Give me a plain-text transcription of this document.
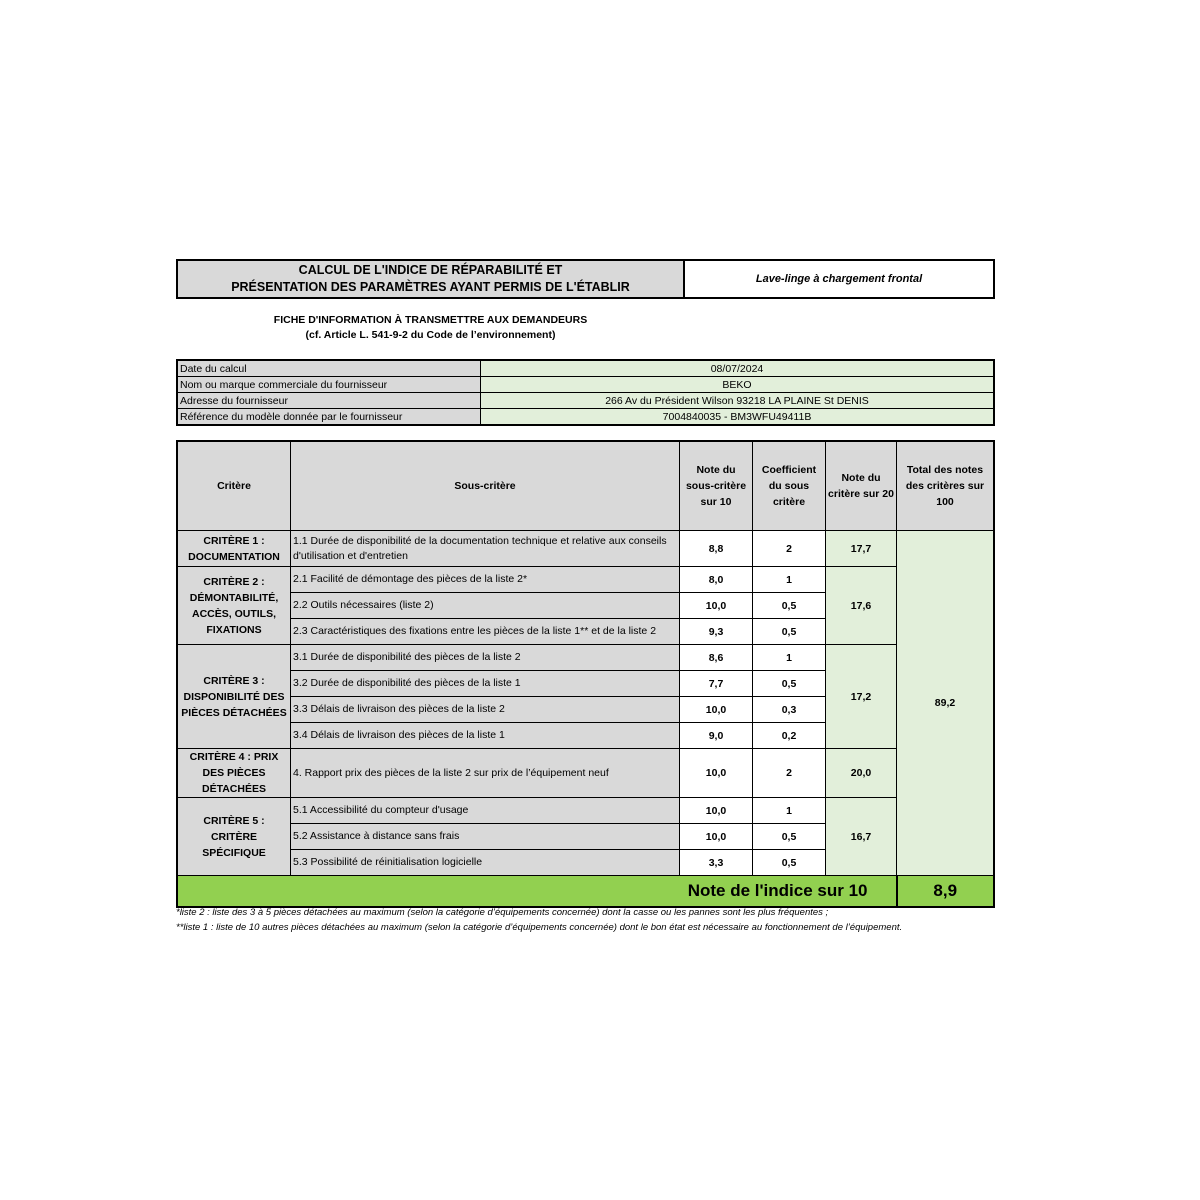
CALCUL DE L'INDICE DE RÉPARABILITÉ ET
PRÉSENTATION DES PARAMÈTRES AYANT PERMIS DE L'ÉTABLIR
Lave-linge à chargement frontal
FICHE D'INFORMATION À TRANSMETTRE AUX DEMANDEURS
(cf. Article L. 541-9-2 du Code de l’environnement)
Date du calcul	08/07/2024
Nom ou marque commerciale du fournisseur	BEKO
Adresse du fournisseur	266 Av du Président Wilson 93218 LA PLAINE St DENIS
Référence du modèle donnée par le fournisseur	7004840035 - BM3WFU49411B
Critère	Sous-critère	Note du sous-critère sur 10	Coefficient du sous critère	Note du critère sur 20	Total des notes des critères sur 100
CRITÈRE 1 : DOCUMENTATION	1.1 Durée de disponibilité de la documentation technique et relative aux conseils d'utilisation et d'entretien	8,8	2	17,7	89,2
CRITÈRE 2 : DÉMONTABILITÉ, ACCÈS, OUTILS, FIXATIONS	2.1 Facilité de démontage des pièces de la liste 2*	8,0	1	17,6	
	2.2 Outils nécessaires (liste 2)	10,0	0,5		
	2.3 Caractéristiques des fixations entre les pièces de la liste 1** et de la liste 2	9,3	0,5		
CRITÈRE 3 : DISPONIBILITÉ DES PIÈCES DÉTACHÉES	3.1 Durée de disponibilité des pièces de la liste 2	8,6	1	17,2	
	3.2 Durée de disponibilité des pièces de la liste 1	7,7	0,5		
	3.3 Délais de livraison des pièces de la liste 2	10,0	0,3		
	3.4 Délais de livraison des pièces de la liste 1	9,0	0,2		
CRITÈRE 4 : PRIX DES PIÈCES DÉTACHÉES	4. Rapport prix des pièces de la liste 2 sur prix de l’équipement neuf	10,0	2	20,0	
CRITÈRE 5 : CRITÈRE SPÉCIFIQUE	5.1 Accessibilité du compteur d'usage	10,0	1	16,7	
	5.2 Assistance à distance sans frais	10,0	0,5		
	5.3 Possibilité de réinitialisation logicielle	3,3	0,5		
Note de l'indice sur 10					8,9
*liste 2 : liste des 3 à 5 pièces détachées au maximum (selon la catégorie d’équipements concernée) dont la casse ou les pannes sont les plus fréquentes ;
**liste 1 : liste de 10 autres pièces détachées au maximum (selon la catégorie d’équipements concernée) dont le bon état est nécessaire au fonctionnement de l’équipement.
